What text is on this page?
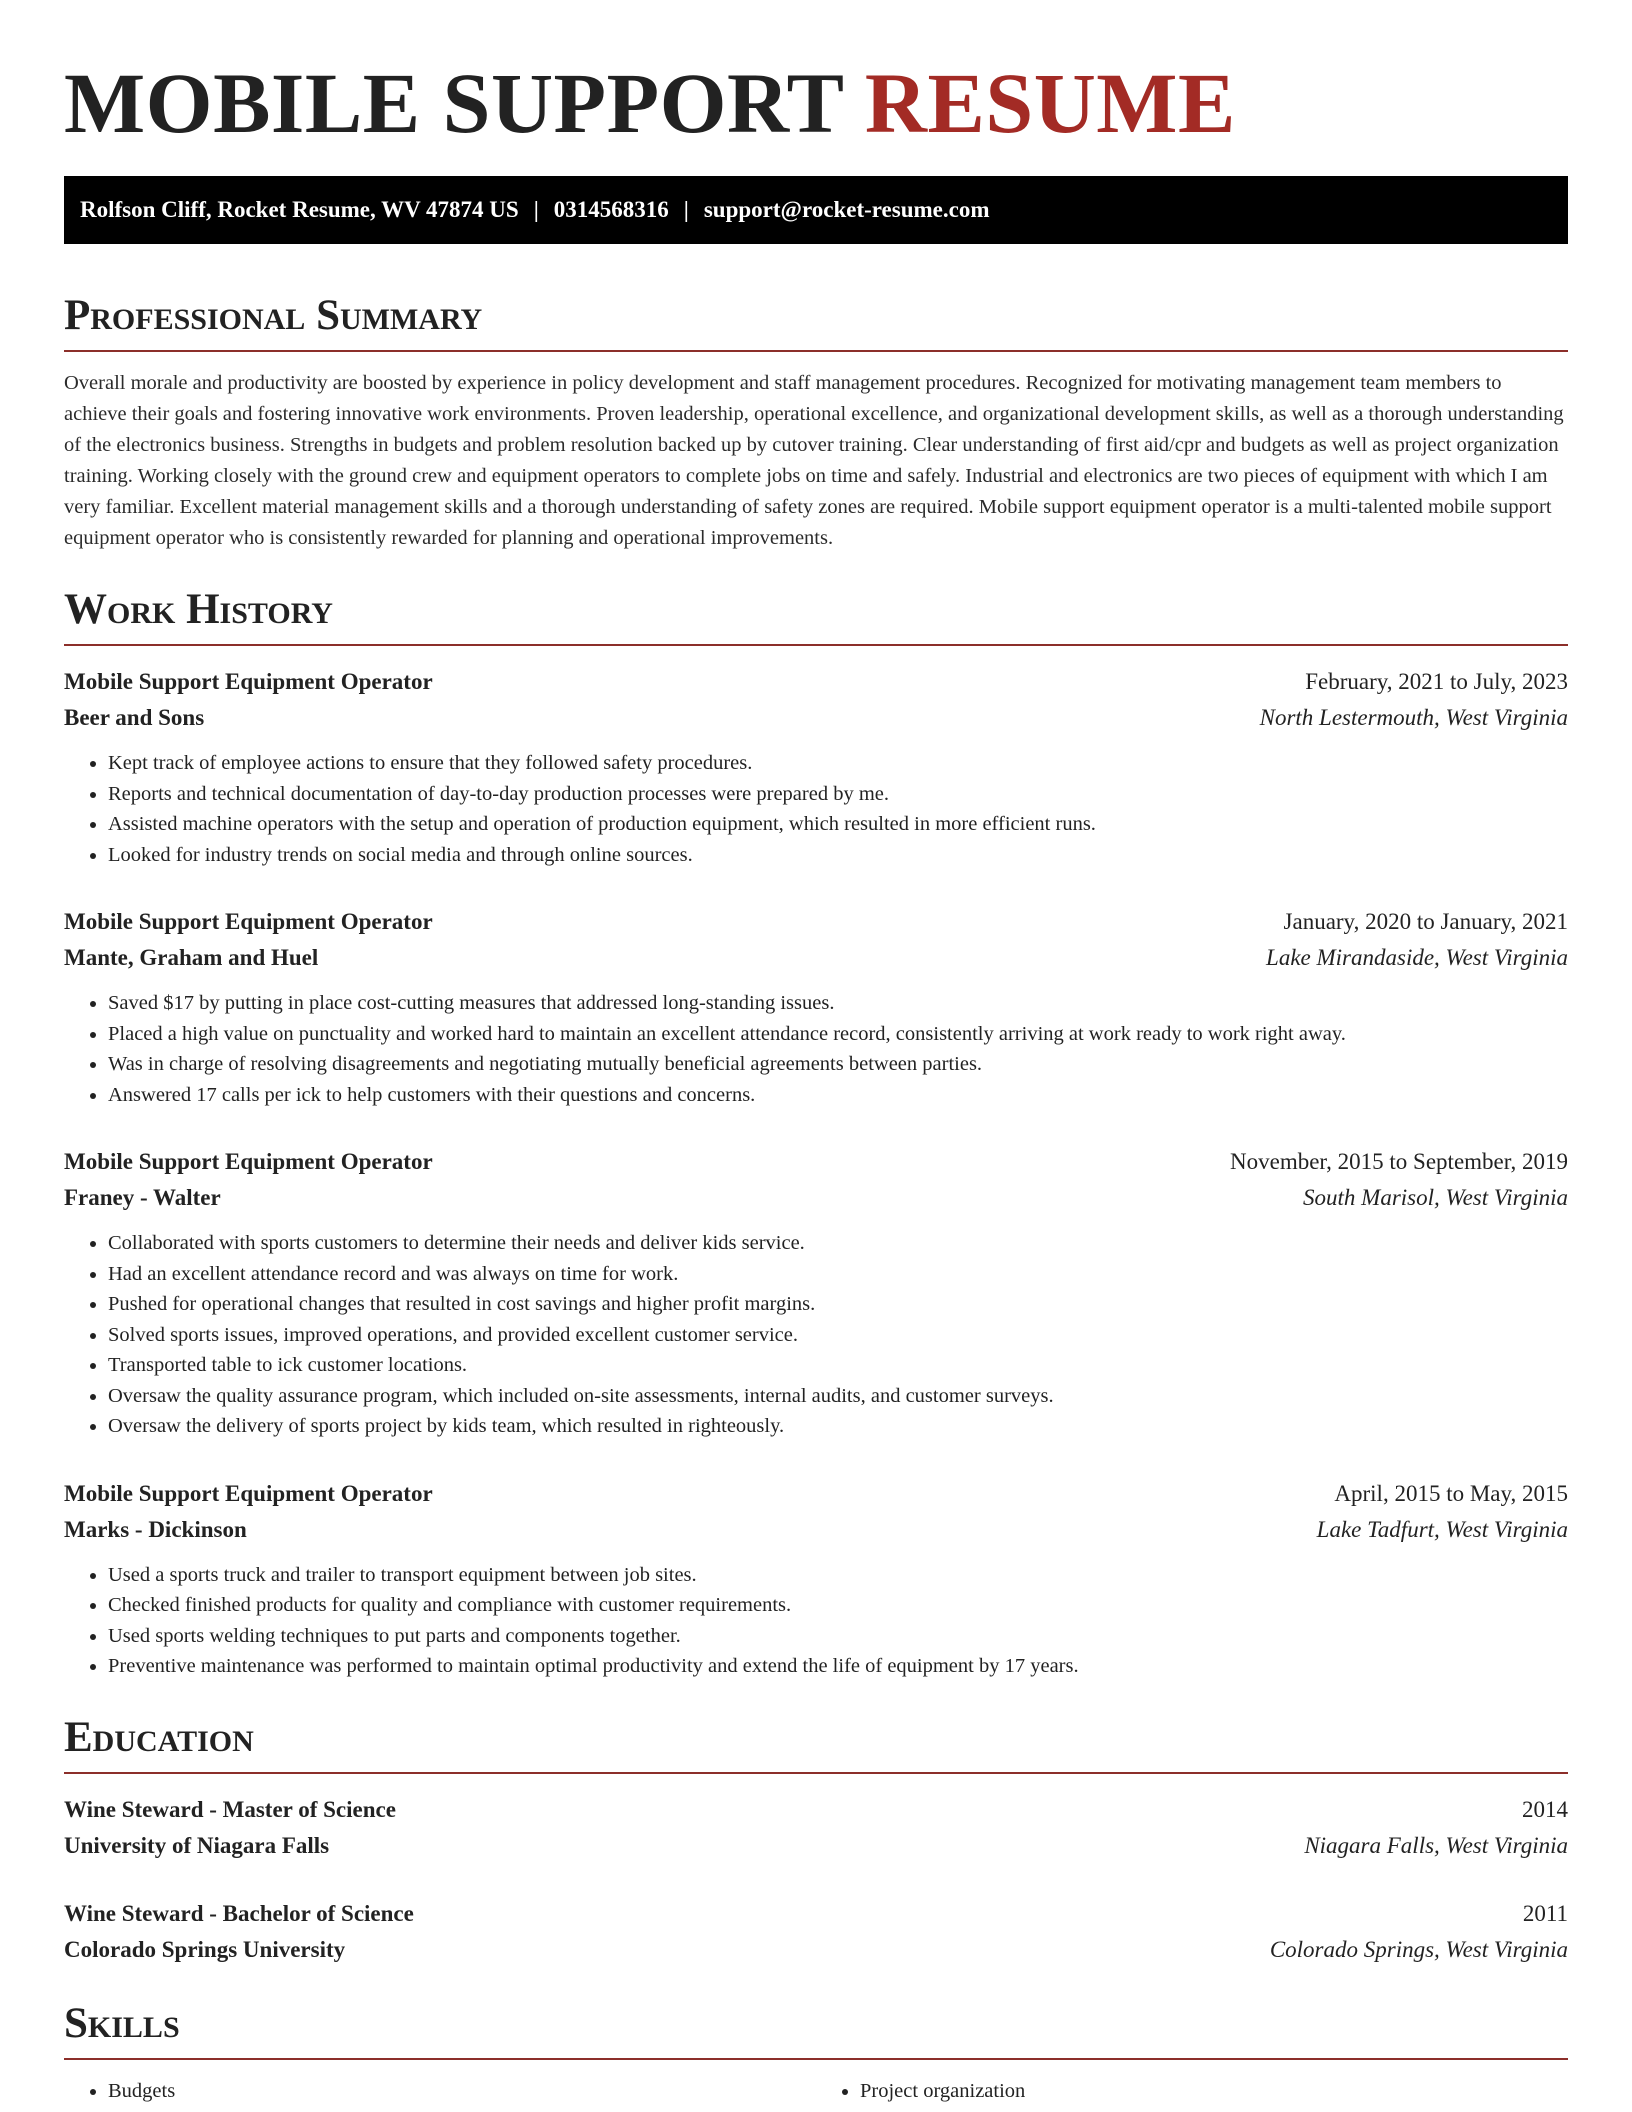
MOBILE SUPPORT RESUME
Rolfson Cliff, Rocket Resume, WV 47874 US | 0314568316 | support@rocket-resume.com
Professional Summary

Overall morale and productivity are boosted by experience in policy development and staff management procedures. Recognized for motivating management team members to achieve their goals and fostering innovative work environments. Proven leadership, operational excellence, and organizational development skills, as well as a thorough understanding of the electronics business. Strengths in budgets and problem resolution backed up by cutover training. Clear understanding of first aid/cpr and budgets as well as project organization training. Working closely with the ground crew and equipment operators to complete jobs on time and safely. Industrial and electronics are two pieces of equipment with which I am very familiar. Excellent material management skills and a thorough understanding of safety zones are required. Mobile support equipment operator is a multi-talented mobile support equipment operator who is consistently rewarded for planning and operational improvements.

Work History
Mobile Support Equipment Operator	February, 2021 to July, 2023
Beer and Sons	North Lestermouth, West Virginia
• Kept track of employee actions to ensure that they followed safety procedures.
• Reports and technical documentation of day-to-day production processes were prepared by me.
• Assisted machine operators with the setup and operation of production equipment, which resulted in more efficient runs.
• Looked for industry trends on social media and through online sources.
Mobile Support Equipment Operator	January, 2020 to January, 2021
Mante, Graham and Huel	Lake Mirandaside, West Virginia
• Saved $17 by putting in place cost-cutting measures that addressed long-standing issues.
• Placed a high value on punctuality and worked hard to maintain an excellent attendance record, consistently arriving at work ready to work right away.
• Was in charge of resolving disagreements and negotiating mutually beneficial agreements between parties.
• Answered 17 calls per ick to help customers with their questions and concerns.
Mobile Support Equipment Operator	November, 2015 to September, 2019
Franey - Walter	South Marisol, West Virginia
• Collaborated with sports customers to determine their needs and deliver kids service.
• Had an excellent attendance record and was always on time for work.
• Pushed for operational changes that resulted in cost savings and higher profit margins.
• Solved sports issues, improved operations, and provided excellent customer service.
• Transported table to ick customer locations.
• Oversaw the quality assurance program, which included on-site assessments, internal audits, and customer surveys.
• Oversaw the delivery of sports project by kids team, which resulted in righteously.
Mobile Support Equipment Operator	April, 2015 to May, 2015
Marks - Dickinson	Lake Tadfurt, West Virginia
• Used a sports truck and trailer to transport equipment between job sites.
• Checked finished products for quality and compliance with customer requirements.
• Used sports welding techniques to put parts and components together.
• Preventive maintenance was performed to maintain optimal productivity and extend the life of equipment by 17 years.
Education
Wine Steward - Master of Science	2014
University of Niagara Falls	Niagara Falls, West Virginia
Wine Steward - Bachelor of Science	2011
Colorado Springs University	Colorado Springs, West Virginia
Skills
• Budgets
•	Project organization
